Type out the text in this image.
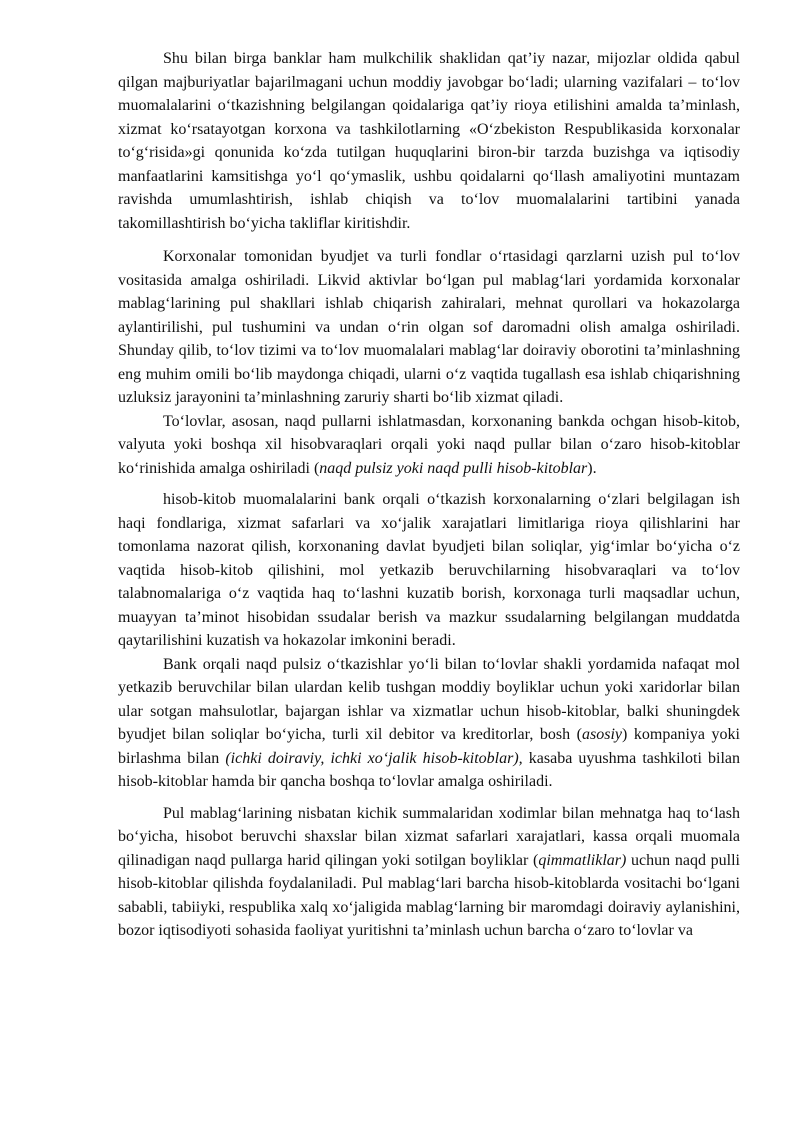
Shu bilan birga banklar ham mulkchilik shaklidan qat’iy nazar, mijozlar oldida qabul qilgan majburiyatlar bajarilmagani uchun moddiy javobgar bo‘ladi; ularning vazifalari – to‘lov muomalalarini o‘tkazishning belgilangan qoidalariga qat’iy rioya etilishini amalda ta’minlash, xizmat ko‘rsatayotgan korxona va tashkilotlarning «O‘zbekiston Respublikasida korxonalar to‘g‘risida»gi qonunida ko‘zda tutilgan huquqlarini biron-bir tarzda buzishga va iqtisodiy manfaatlarini kamsitishga yo‘l qo‘ymaslik, ushbu qoidalarni qo‘llash amaliyotini muntazam ravishda umumlashtirish, ishlab chiqish va to‘lov muomalalarini tartibini yanada takomillashtirish bo‘yicha takliflar kiritishdir.

Korxonalar tomonidan byudjet va turli fondlar o‘rtasidagi qarzlarni uzish pul to‘lov vositasida amalga oshiriladi. Likvid aktivlar bo‘lgan pul mablag‘lari yordamida korxonalar mablag‘larining pul shakllari ishlab chiqarish zahiralari, mehnat qurollari va hokazolarga aylantirilishi, pul tushumini va undan o‘rin olgan sof daromadni olish amalga oshiriladi. Shunday qilib, to‘lov tizimi va to‘lov muomalalari mablag‘lar doiraviy oborotini ta’minlashning eng muhim omili bo‘lib maydonga chiqadi, ularni o‘z vaqtida tugallash esa ishlab chiqarishning uzluksiz jarayonini ta’minlashning zaruriy sharti bo‘lib xizmat qiladi.

To‘lovlar, asosan, naqd pullarni ishlatmasdan, korxonaning bankda ochgan hisob-kitob, valyuta yoki boshqa xil hisobvaraqlari orqali yoki naqd pullar bilan o‘zaro hisob-kitoblar ko‘rinishida amalga oshiriladi (naqd pulsiz yoki naqd pulli hisob-kitoblar).

hisob-kitob muomalalarini bank orqali o‘tkazish korxonalarning o‘zlari belgilagan ish haqi fondlariga, xizmat safarlari va xo‘jalik xarajatlari limitlariga rioya qilishlarini har tomonlama nazorat qilish, korxonaning davlat byudjeti bilan soliqlar, yig‘imlar bo‘yicha o‘z vaqtida hisob-kitob qilishini, mol yetkazib beruvchilarning hisobvaraqlari va to‘lov talabnomalariga o‘z vaqtida haq to‘lashni kuzatib borish, korxonaga turli maqsadlar uchun, muayyan ta’minot hisobidan ssudalar berish va mazkur ssudalarning belgilangan muddatda qaytarilishini kuzatish va hokazolar imkonini beradi.

Bank orqali naqd pulsiz o‘tkazishlar yo‘li bilan to‘lovlar shakli yordamida nafaqat mol yetkazib beruvchilar bilan ulardan kelib tushgan moddiy boyliklar uchun yoki xaridorlar bilan ular sotgan mahsulotlar, bajargan ishlar va xizmatlar uchun hisob-kitoblar, balki shuningdek byudjet bilan soliqlar bo‘yicha, turli xil debitor va kreditorlar, bosh (asosiy) kompaniya yoki birlashma bilan (ichki doiraviy, ichki xo‘jalik hisob-kitoblar), kasaba uyushma tashkiloti bilan hisob-kitoblar hamda bir qancha boshqa to‘lovlar amalga oshiriladi.

Pul mablag‘larining nisbatan kichik summalaridan xodimlar bilan mehnatga haq to‘lash bo‘yicha, hisobot beruvchi shaxslar bilan xizmat safarlari xarajatlari, kassa orqali muomala qilinadigan naqd pullarga harid qilingan yoki sotilgan boyliklar (qimmatliklar) uchun naqd pulli hisob-kitoblar qilishda foydalaniladi. Pul mablag‘lari barcha hisob-kitoblarda vositachi bo‘lgani sababli, tabiiyki, respublika xalq xo‘jaligida mablag‘larning bir maromdagi doiraviy aylanishini, bozor iqtisodiyoti sohasida faoliyat yuritishni ta’minlash uchun barcha o‘zaro to‘lovlar va
